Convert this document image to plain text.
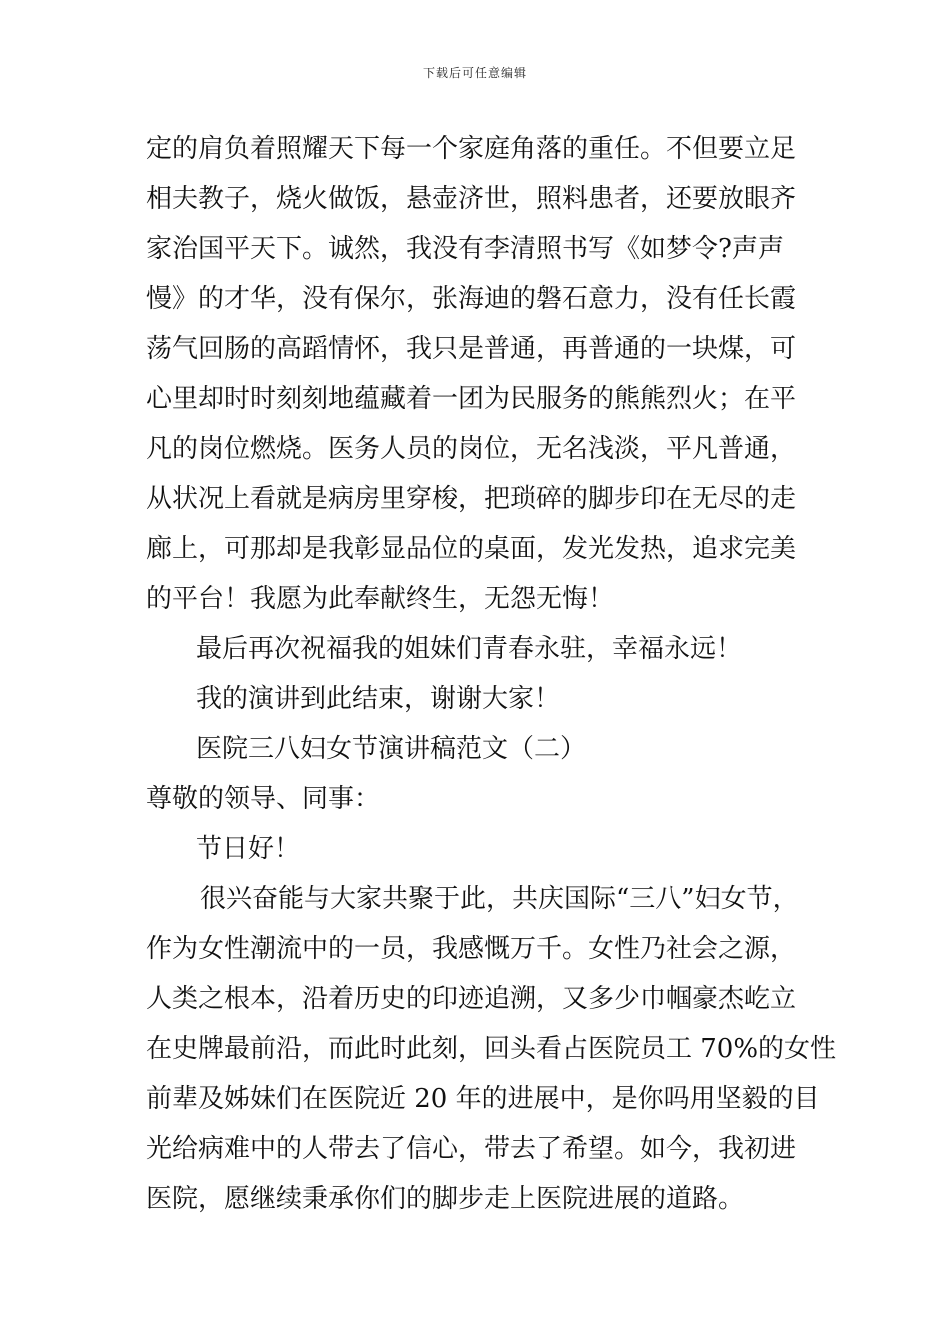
下载后可任意编辑
定的肩负着照耀天下每一个家庭角落的重任。不但要立足
相夫教子，烧火做饭，悬壶济世，照料患者，还要放眼齐
家治国平天下。诚然，我没有李清照书写《如梦令?声声
慢》的才华，没有保尔，张海迪的磐石意力，没有任长霞
荡气回肠的高蹈情怀，我只是普通，再普通的一块煤，可
心里却时时刻刻地蕴藏着一团为民服务的熊熊烈火；在平
凡的岗位燃烧。医务人员的岗位，无名浅淡，平凡普通，
从状况上看就是病房里穿梭，把琐碎的脚步印在无尽的走
廊上，可那却是我彰显品位的桌面，发光发热，追求完美
的平台！我愿为此奉献终生，无怨无悔！
最后再次祝福我的姐妹们青春永驻，幸福永远！
我的演讲到此结束，谢谢大家！
医院三八妇女节演讲稿范文（二）
尊敬的领导、同事：
节日好！
很兴奋能与大家共聚于此，共庆国际“三八”妇女节，
作为女性潮流中的一员，我感慨万千。女性乃社会之源，
人类之根本，沿着历史的印迹追溯，又多少巾帼豪杰屹立
在史牌最前沿，而此时此刻，回头看占医院员工 70%的女性
前辈及姊妹们在医院近 20 年的进展中，是你吗用坚毅的目
光给病难中的人带去了信心，带去了希望。如今，我初进
医院，愿继续秉承你们的脚步走上医院进展的道路。
